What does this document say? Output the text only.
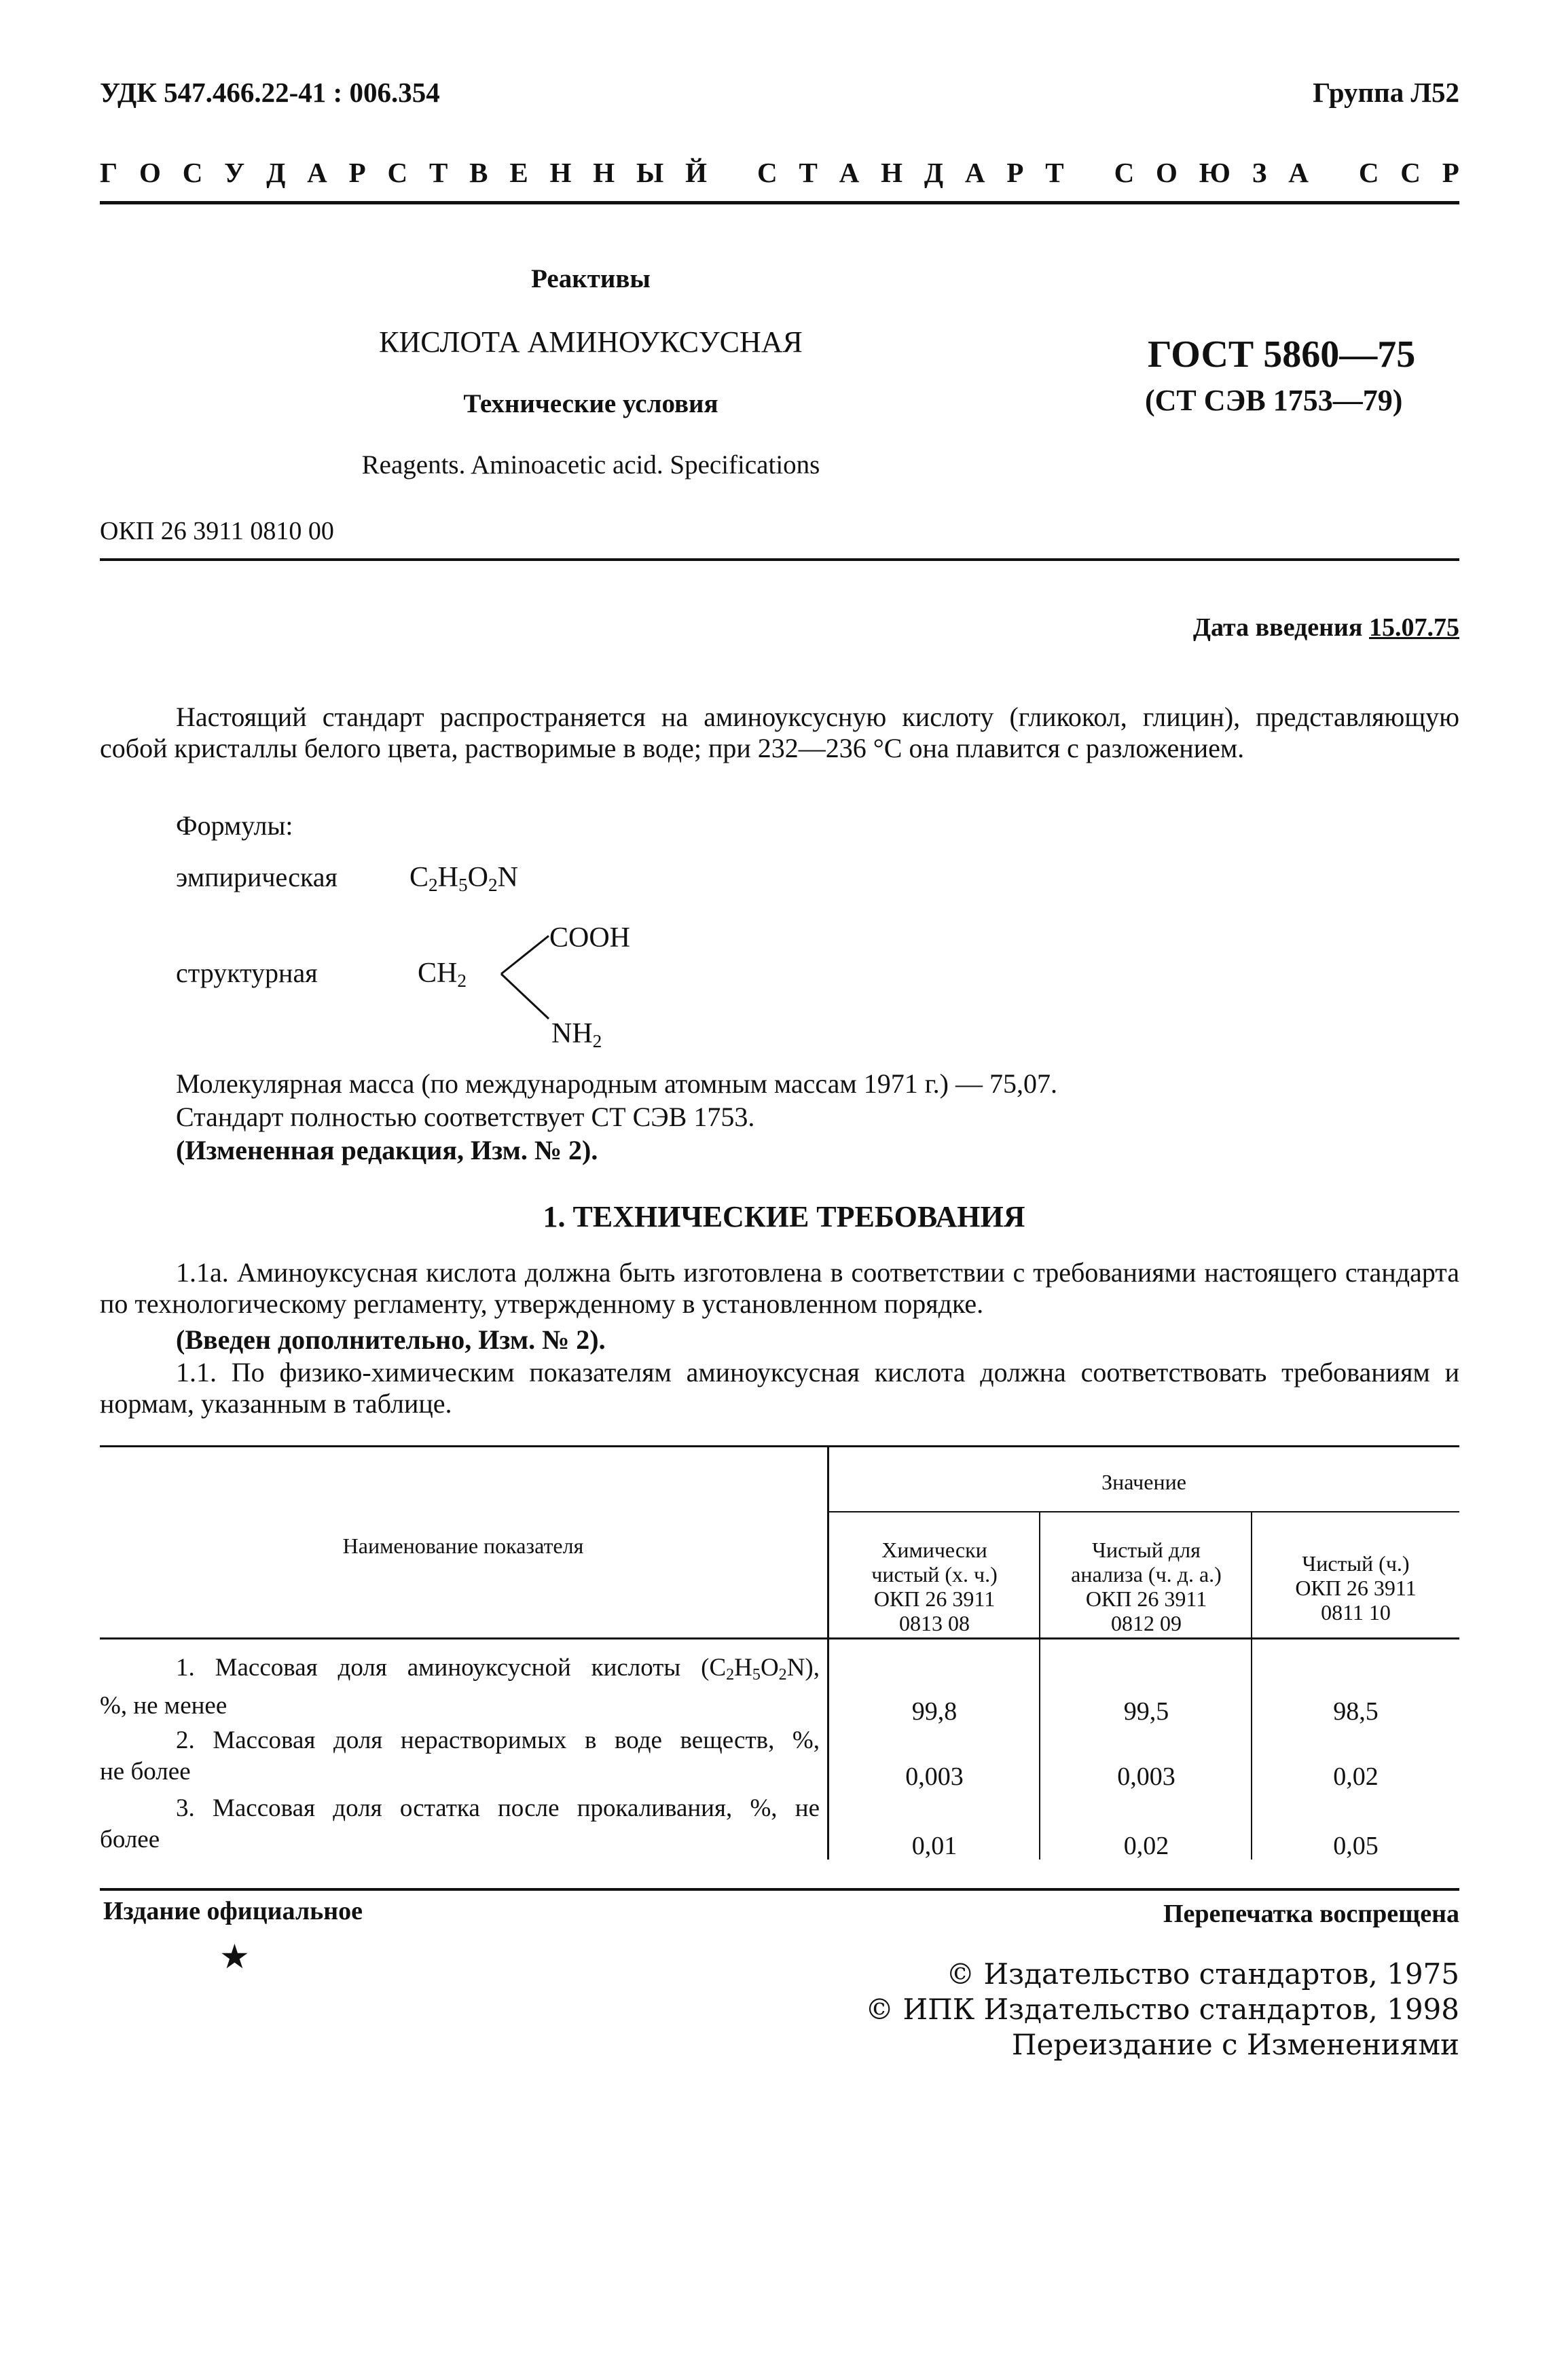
УДК 547.466.22-41 : 006.354	Группа Л52
Г О С У Д А Р С Т В Е Н Н Ы Й
С Т А Н Д А Р Т
С О Ю З А
С С Р
Реактивы
КИСЛОТА АМИНОУКСУСНАЯ
Технические условия
Reagents. Aminoacetic acid. Specifications
ГОСТ 5860—75
(СТ СЭВ 1753—79)
ОКП 26 3911 0810 00
Дата введения 15.07.75
Настоящий стандарт распространяется на аминоуксусную кислоту (гликокол, глицин), представляющую собой кристаллы белого цвета, растворимые в воде; при 232—236 °С она плавится с разложением.
Формулы:
эмпирическая	$C_2H_5O_2N$
структурная	$CH_2$
COOH
$NH_2$
Молекулярная масса (по международным атомным массам 1971 г.) — 75,07.
Стандарт полностью соответствует СТ СЭВ 1753.
(Измененная редакция, Изм. № 2).
1. ТЕХНИЧЕСКИЕ ТРЕБОВАНИЯ
1.1а. Аминоуксусная кислота должна быть изготовлена в соответствии с требованиями настоящего стандарта по технологическому регламенту, утвержденному в установленном порядке.
(Введен дополнительно, Изм. № 2).
1.1. По физико-химическим показателям аминоуксусная кислота должна соответствовать требованиям и нормам, указанным в таблице.
Наименование показателя
Значение
Химически
чистый (х. ч.)
ОКП 26 3911
0813 08
Чистый для
анализа (ч. д. а.)
ОКП 26 3911
0812 09
Чистый (ч.)
ОКП 26 3911
0811 10
1. Массовая доля аминоуксусной кислоты $(C_2H_5O_2N)$,
%, не менее	99,8	99,5	98,5
2. Массовая доля нерастворимых в воде веществ, %,
не более	0,003	0,003	0,02
3. Массовая доля остатка после прокаливания, %, не
более	0,01	0,02	0,05
Издание официальное	Перепечатка воспрещена
★	© Издательство стандартов, 1975
© ИПК Издательство стандартов, 1998
Переиздание с Изменениями
